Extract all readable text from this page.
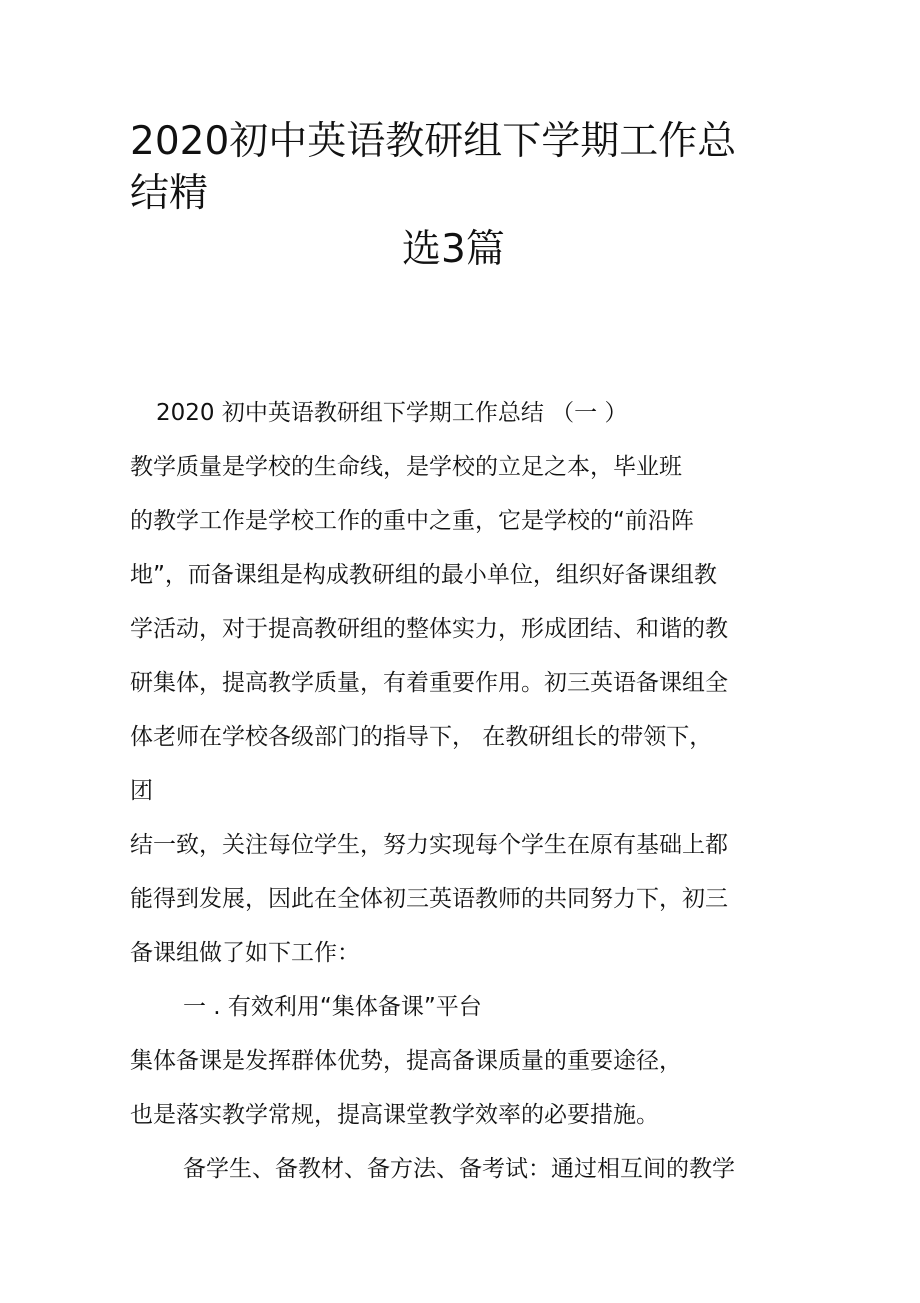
2020初中英语教研组下学期工作总
结精
选3篇
2020 初中英语教研组下学期工作总结 （一 ）
教学质量是学校的生命线，是学校的立足之本，毕业班
的教学工作是学校工作的重中之重，它是学校的“前沿阵
地”，而备课组是构成教研组的最小单位，组织好备课组教
学活动，对于提高教研组的整体实力，形成团结、和谐的教
研集体，提高教学质量，有着重要作用。初三英语备课组全
体老师在学校各级部门的指导下， 在教研组长的带领下，
团
结一致，关注每位学生，努力实现每个学生在原有基础上都
能得到发展，因此在全体初三英语教师的共同努力下，初三
备课组做了如下工作：
一 . 有效利用“集体备课”平台
集体备课是发挥群体优势，提高备课质量的重要途径，
也是落实教学常规，提高课堂教学效率的必要措施。
备学生、备教材、备方法、备考试：通过相互间的教学
